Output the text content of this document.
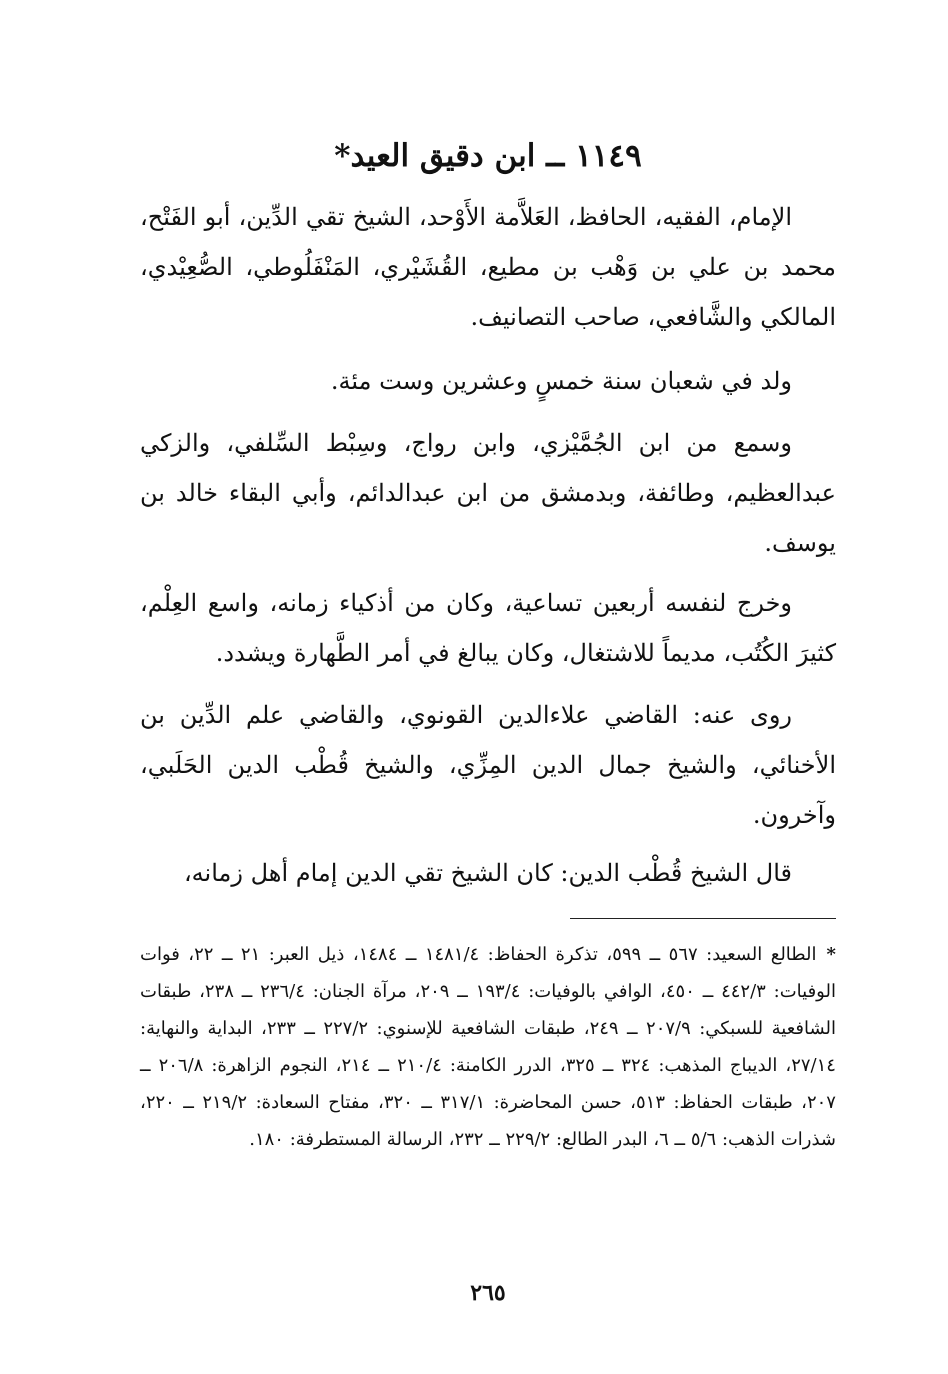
١١٤٩ ــ ابن دقيق العيد*

الإمام، الفقيه، الحافظ، العَلاَّمة الأَوْحد، الشيخ تقي الدِّين، أبو الفَتْح، محمد بن علي بن وَهْب بن مطيع، القُشَيْري، المَنْفَلُوطي، الصُّعِيْدي، المالكي والشَّافعي، صاحب التصانيف.

ولد في شعبان سنة خمسٍ وعشرين وست مئة.

وسمع من ابن الجُمَّيْزي، وابن رواج، وسِبْط السِّلفي، والزكي عبدالعظيم، وطائفة، وبدمشق من ابن عبدالدائم، وأبي البقاء خالد بن يوسف.

وخرج لنفسه أربعين تساعية، وكان من أذكياء زمانه، واسع العِلْم، كثيرَ الكُتُب، مديماً للاشتغال، وكان يبالغ في أمر الطَّهارة ويشدد.

روى عنه: القاضي علاءالدين القونوي، والقاضي علم الدِّين بن الأخنائي، والشيخ جمال الدين المِزِّي، والشيخ قُطْب الدين الحَلَبي، وآخرون.

قال الشيخ قُطْب الدين: كان الشيخ تقي الدين إمام أهل زمانه،

*الطالع السعيد: ٥٦٧ ــ ٥٩٩، تذكرة الحفاظ: ١٤٨١/٤ ــ ١٤٨٤، ذيل العبر: ٢١ ــ ٢٢، فوات الوفيات: ٤٤٢/٣ ــ ٤٥٠، الوافي بالوفيات: ١٩٣/٤ ــ ٢٠٩، مرآة الجنان: ٢٣٦/٤ ــ ٢٣٨، طبقات الشافعية للسبكي: ٢٠٧/٩ ــ ٢٤٩، طبقات الشافعية للإسنوي: ٢٢٧/٢ ــ ٢٣٣، البداية والنهاية: ٢٧/١٤، الديباج المذهب: ٣٢٤ ــ ٣٢٥، الدرر الكامنة: ٢١٠/٤ ــ ٢١٤، النجوم الزاهرة: ٢٠٦/٨ ــ ٢٠٧، طبقات الحفاظ: ٥١٣، حسن المحاضرة: ٣١٧/١ ــ ٣٢٠، مفتاح السعادة: ٢١٩/٢ ــ ٢٢٠، شذرات الذهب: ٥/٦ ــ ٦، البدر الطالع: ٢٢٩/٢ ــ ٢٣٢، الرسالة المستطرفة: ١٨٠.
٢٦٥
